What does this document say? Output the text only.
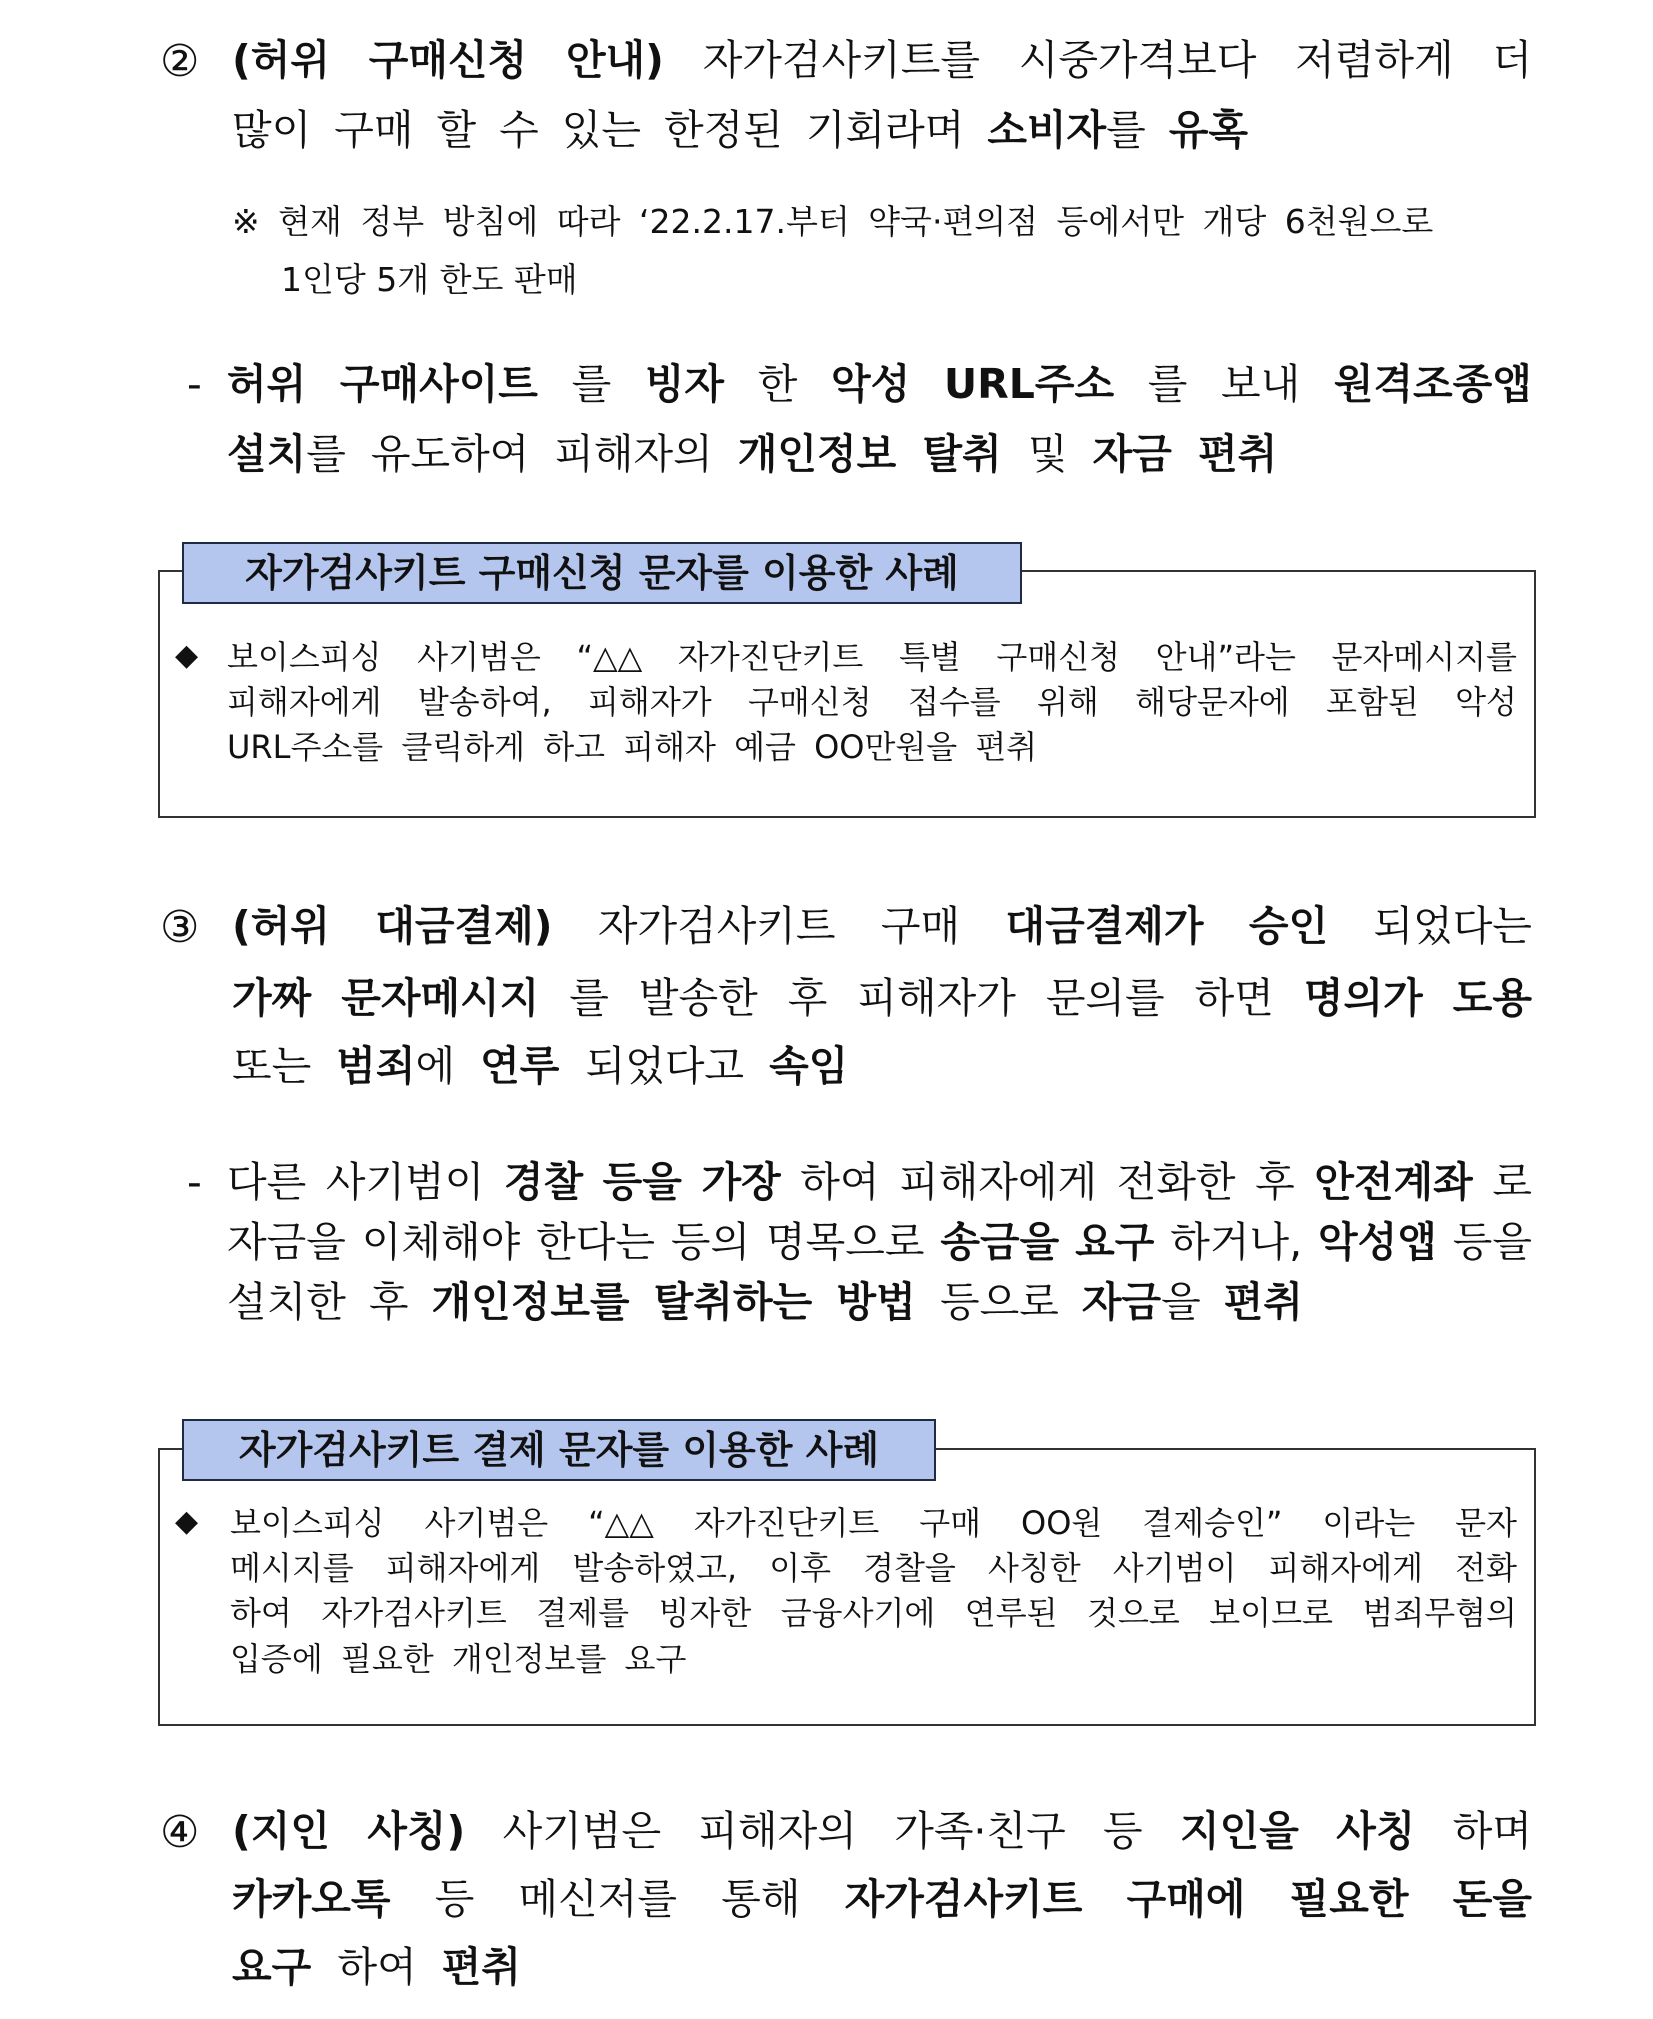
② (허위 구매신청 안내) 자가검사키트를 시중가격보다 저렴하게 더
많이 구매 할 수 있는 한정된 기회라며 소비자를 유혹
※ 현재 정부 방침에 따라 ‘22.2.17.부터 약국·편의점 등에서만 개당 6천원으로
1인당 5개 한도 판매
- 허위 구매사이트 를 빙자 한 악성 URL주소 를 보내 원격조종앱
설치를 유도하여 피해자의 개인정보 탈취 및 자금 편취
자가검사키트 구매신청 문자를 이용한 사례
◆ 보이스피싱 사기범은 “△△ 자가진단키트 특별 구매신청 안내”라는 문자메시지를
피해자에게 발송하여, 피해자가 구매신청 접수를 위해 해당문자에 포함된 악성
URL주소를 클릭하게 하고 피해자 예금 OO만원을 편취
③ (허위 대금결제) 자가검사키트 구매 대금결제가 승인 되었다는
가짜 문자메시지 를 발송한 후 피해자가 문의를 하면 명의가 도용
또는 범죄에 연루 되었다고 속임
- 다른 사기범이 경찰 등을 가장 하여 피해자에게 전화한 후 안전계좌 로
자금을 이체해야 한다는 등의 명목으로 송금을 요구 하거나, 악성앱 등을
설치한 후 개인정보를 탈취하는 방법 등으로 자금을 편취
자가검사키트 결제 문자를 이용한 사례
◆ 보이스피싱 사기범은 “△△ 자가진단키트 구매 OO원 결제승인” 이라는 문자
메시지를 피해자에게 발송하였고, 이후 경찰을 사칭한 사기범이 피해자에게 전화
하여 자가검사키트 결제를 빙자한 금융사기에 연루된 것으로 보이므로 범죄무혐의
입증에 필요한 개인정보를 요구
④ (지인 사칭) 사기범은 피해자의 가족·친구 등 지인을 사칭 하며
카카오톡 등 메신저를 통해 자가검사키트 구매에 필요한 돈을
요구 하여 편취
